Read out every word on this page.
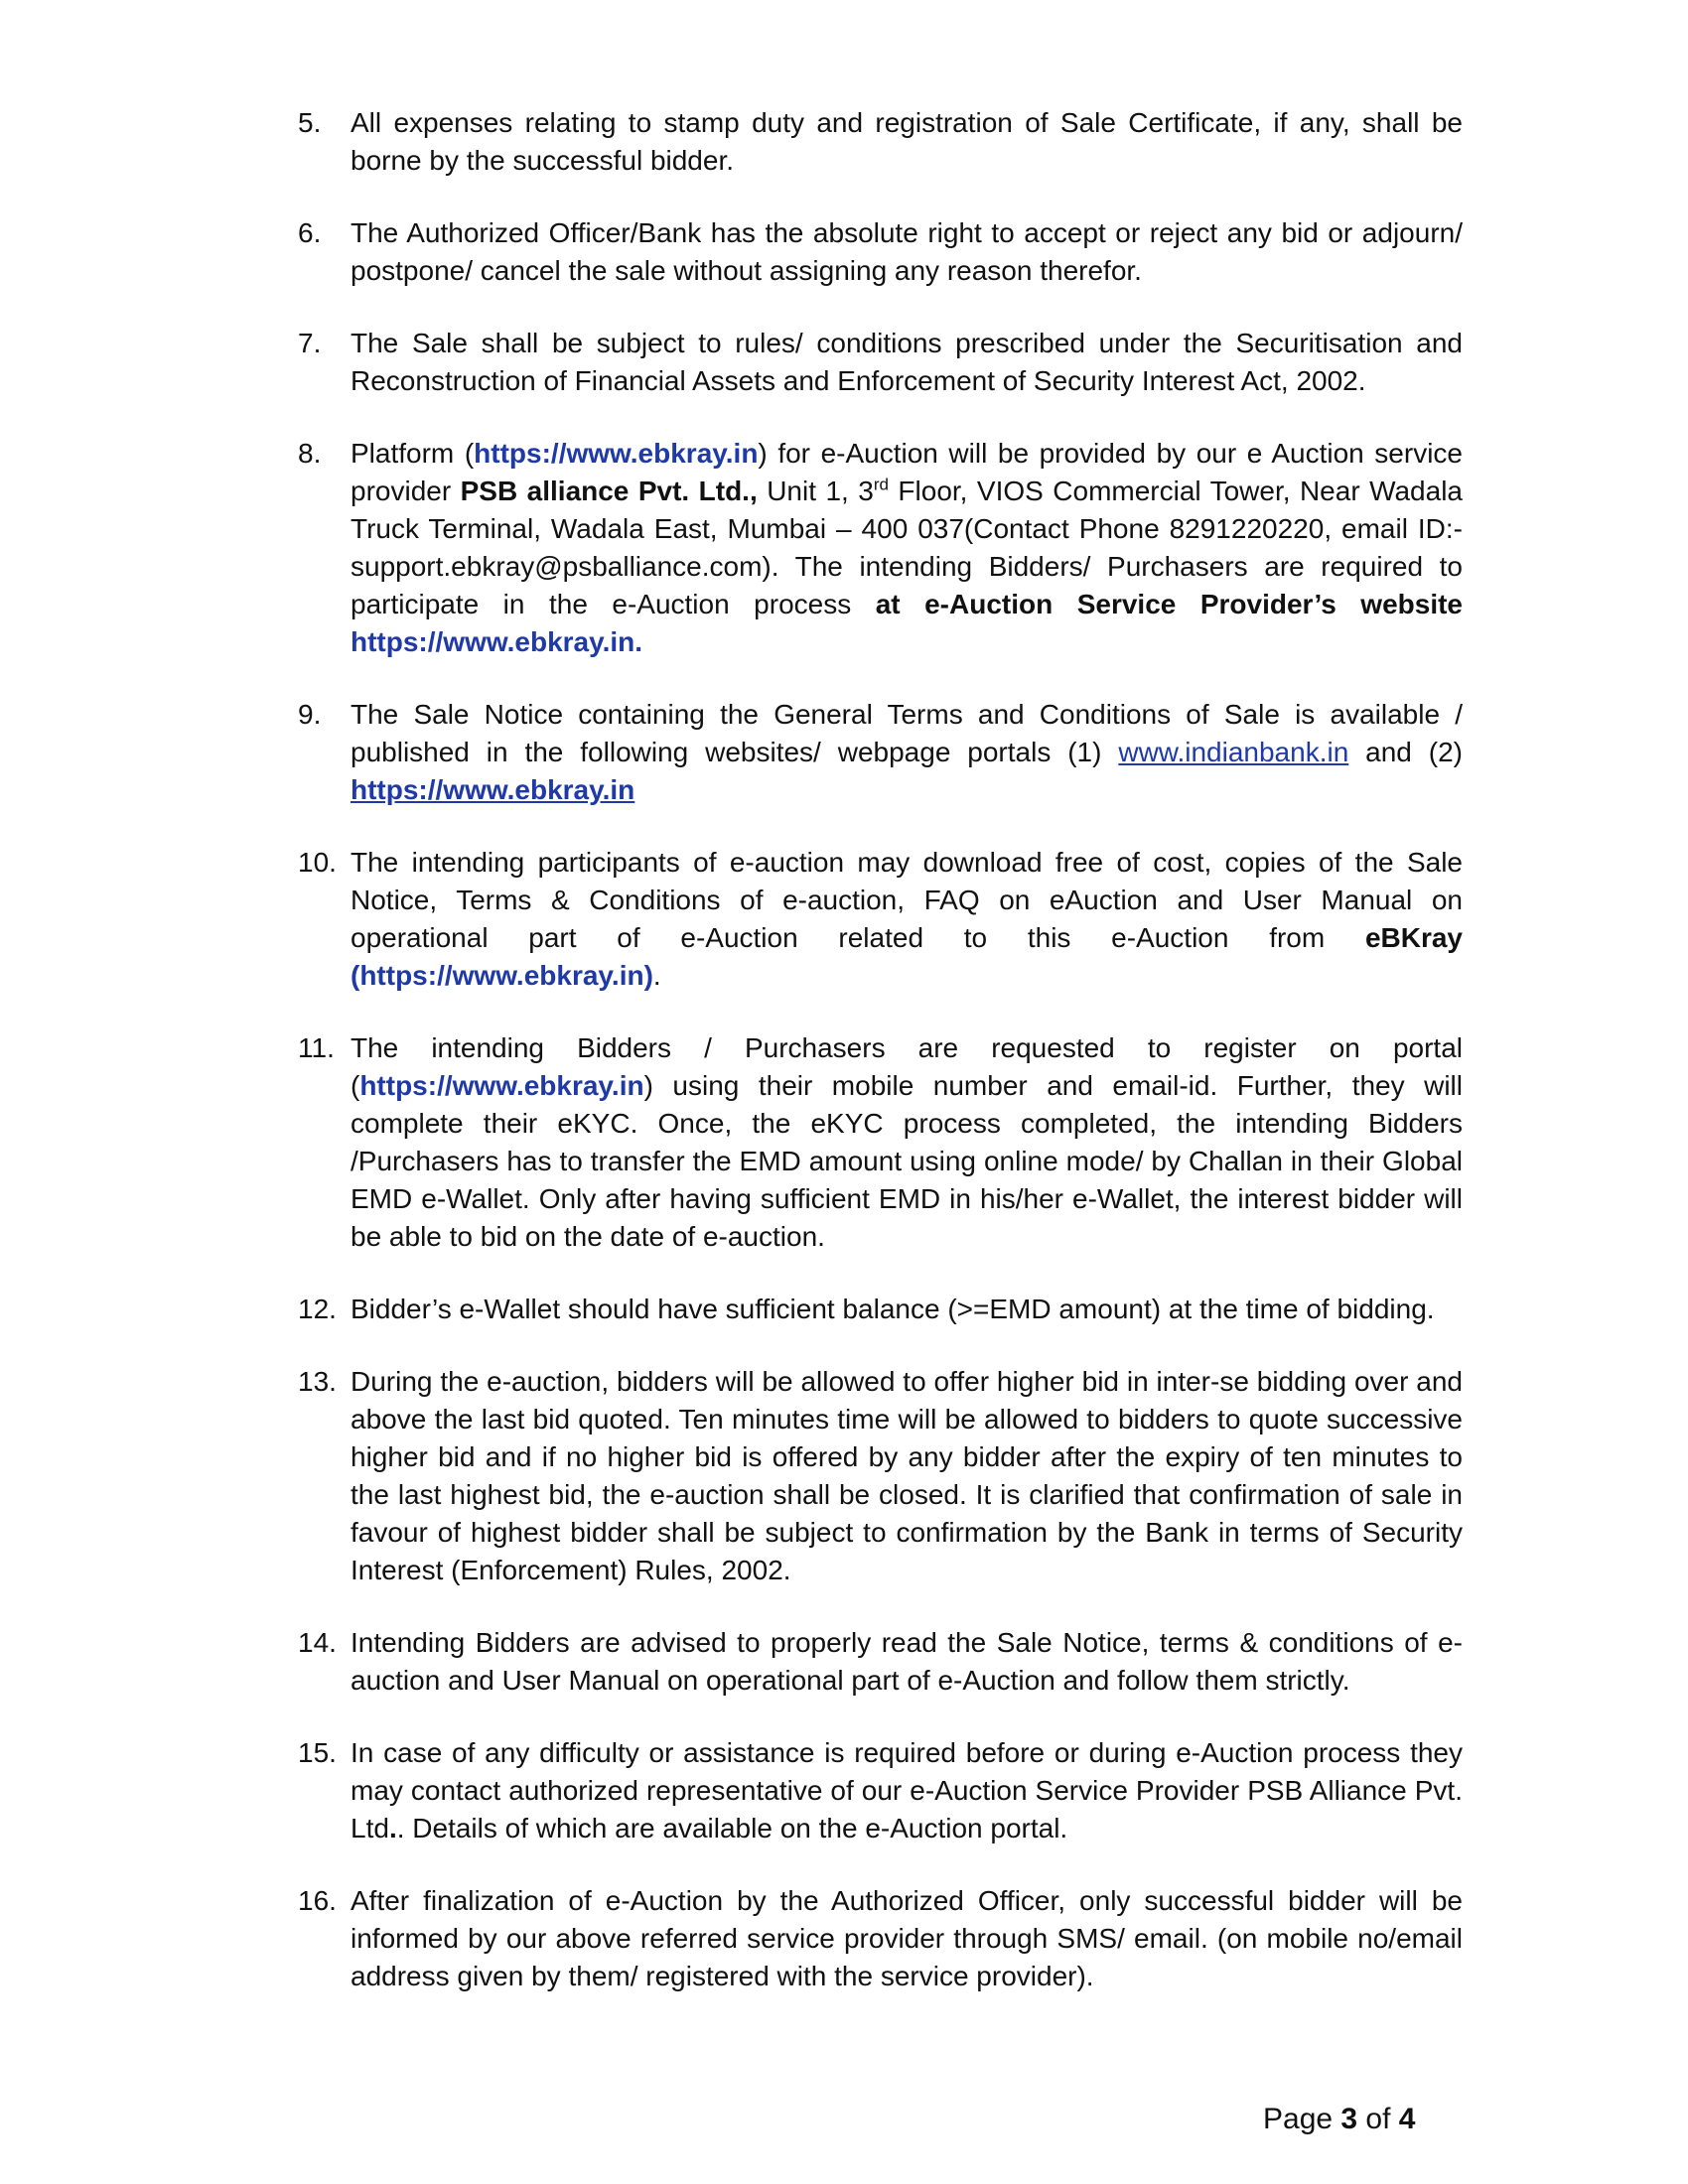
5.	All expenses relating to stamp duty and registration of Sale Certificate, if any, shall be borne by the successful bidder.
6.	The Authorized Officer/Bank has the absolute right to accept or reject any bid or adjourn/ postpone/ cancel the sale without assigning any reason therefor.
7.	The Sale shall be subject to rules/ conditions prescribed under the Securitisation and Reconstruction of Financial Assets and Enforcement of Security Interest Act, 2002.
8.	Platform (https://www.ebkray.in) for e-Auction will be provided by our e Auction service provider PSB alliance Pvt. Ltd., Unit 1, 3rd Floor, VIOS Commercial Tower, Near Wadala Truck Terminal, Wadala East, Mumbai – 400 037(Contact Phone 8291220220, email ID:- support.ebkray@psballiance.com). The intending Bidders/ Purchasers are required to participate in the e-Auction process at e-Auction Service Provider’s website https://www.ebkray.in.
9.	The Sale Notice containing the General Terms and Conditions of Sale is available / published in the following websites/ webpage portals (1) www.indianbank.in and (2) https://www.ebkray.in
10. The intending participants of e-auction may download free of cost, copies of the Sale Notice, Terms & Conditions of e-auction, FAQ on eAuction and User Manual on operational part of e-Auction related to this e-Auction from eBKray (https://www.ebkray.in).
11. The intending Bidders / Purchasers are requested to register on portal (https://www.ebkray.in) using their mobile number and email-id. Further, they will complete their eKYC. Once, the eKYC process completed, the intending Bidders /Purchasers has to transfer the EMD amount using online mode/ by Challan in their Global EMD e-Wallet. Only after having sufficient EMD in his/her e-Wallet, the interest bidder will be able to bid on the date of e-auction.
12. Bidder’s e-Wallet should have sufficient balance (>=EMD amount) at the time of bidding.
13. During the e-auction, bidders will be allowed to offer higher bid in inter-se bidding over and above the last bid quoted. Ten minutes time will be allowed to bidders to quote successive higher bid and if no higher bid is offered by any bidder after the expiry of ten minutes to the last highest bid, the e-auction shall be closed. It is clarified that confirmation of sale in favour of highest bidder shall be subject to confirmation by the Bank in terms of Security Interest (Enforcement) Rules, 2002.
14. Intending Bidders are advised to properly read the Sale Notice, terms & conditions of e-auction and User Manual on operational part of e-Auction and follow them strictly.
15. In case of any difficulty or assistance is required before or during e-Auction process they may contact authorized representative of our e-Auction Service Provider PSB Alliance Pvt. Ltd.. Details of which are available on the e-Auction portal.
16. After finalization of e-Auction by the Authorized Officer, only successful bidder will be informed by our above referred service provider through SMS/ email. (on mobile no/email address given by them/ registered with the service provider).
Page 3 of 4
